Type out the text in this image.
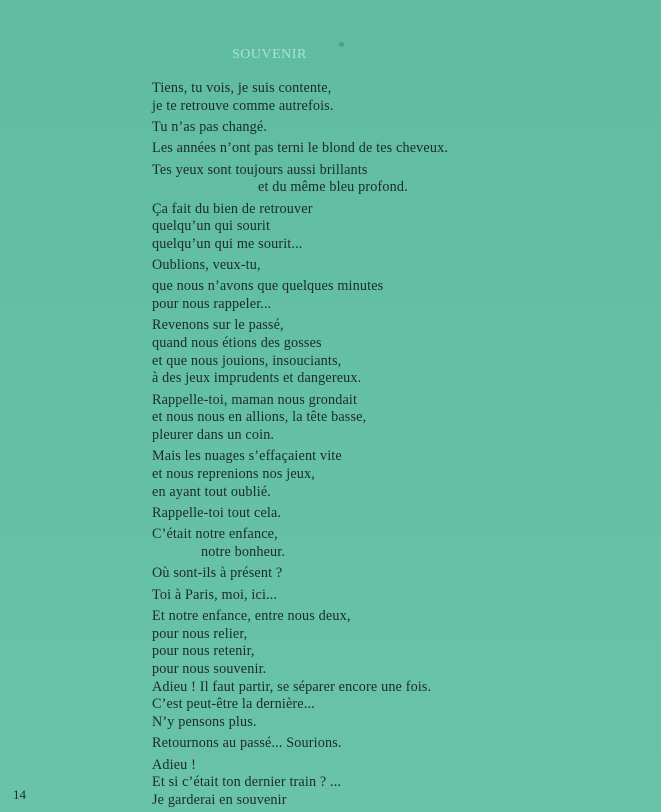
SOUVENIR
Tiens, tu vois, je suis contente,
je te retrouve comme autrefois.
Tu n’as pas changé.
Les années n’ont pas terni le blond de tes cheveux.
Tes yeux sont toujours aussi brillants
et du même bleu profond.
Ça fait du bien de retrouver
quelqu’un qui sourit
quelqu’un qui me sourit...
Oublions, veux-tu,
que nous n’avons que quelques minutes
pour nous rappeler...
Revenons sur le passé,
quand nous étions des gosses
et que nous jouions, insouciants,
à des jeux imprudents et dangereux.
Rappelle-toi, maman nous grondait
et nous nous en allions, la tête basse,
pleurer dans un coin.
Mais les nuages s’effaçaient vite
et nous reprenions nos jeux,
en ayant tout oublié.
Rappelle-toi tout cela.
C’était notre enfance,
notre bonheur.
Où sont-ils à présent ?
Toi à Paris, moi, ici...
Et notre enfance, entre nous deux,
pour nous relier,
pour nous retenir,
pour nous souvenir.
Adieu ! Il faut partir, se séparer encore une fois.
C’est peut-être la dernière...
N’y pensons plus.
Retournons au passé... Sourions.
Adieu !
Et si c’était ton dernier train ? ...
Je garderai en souvenir
14
